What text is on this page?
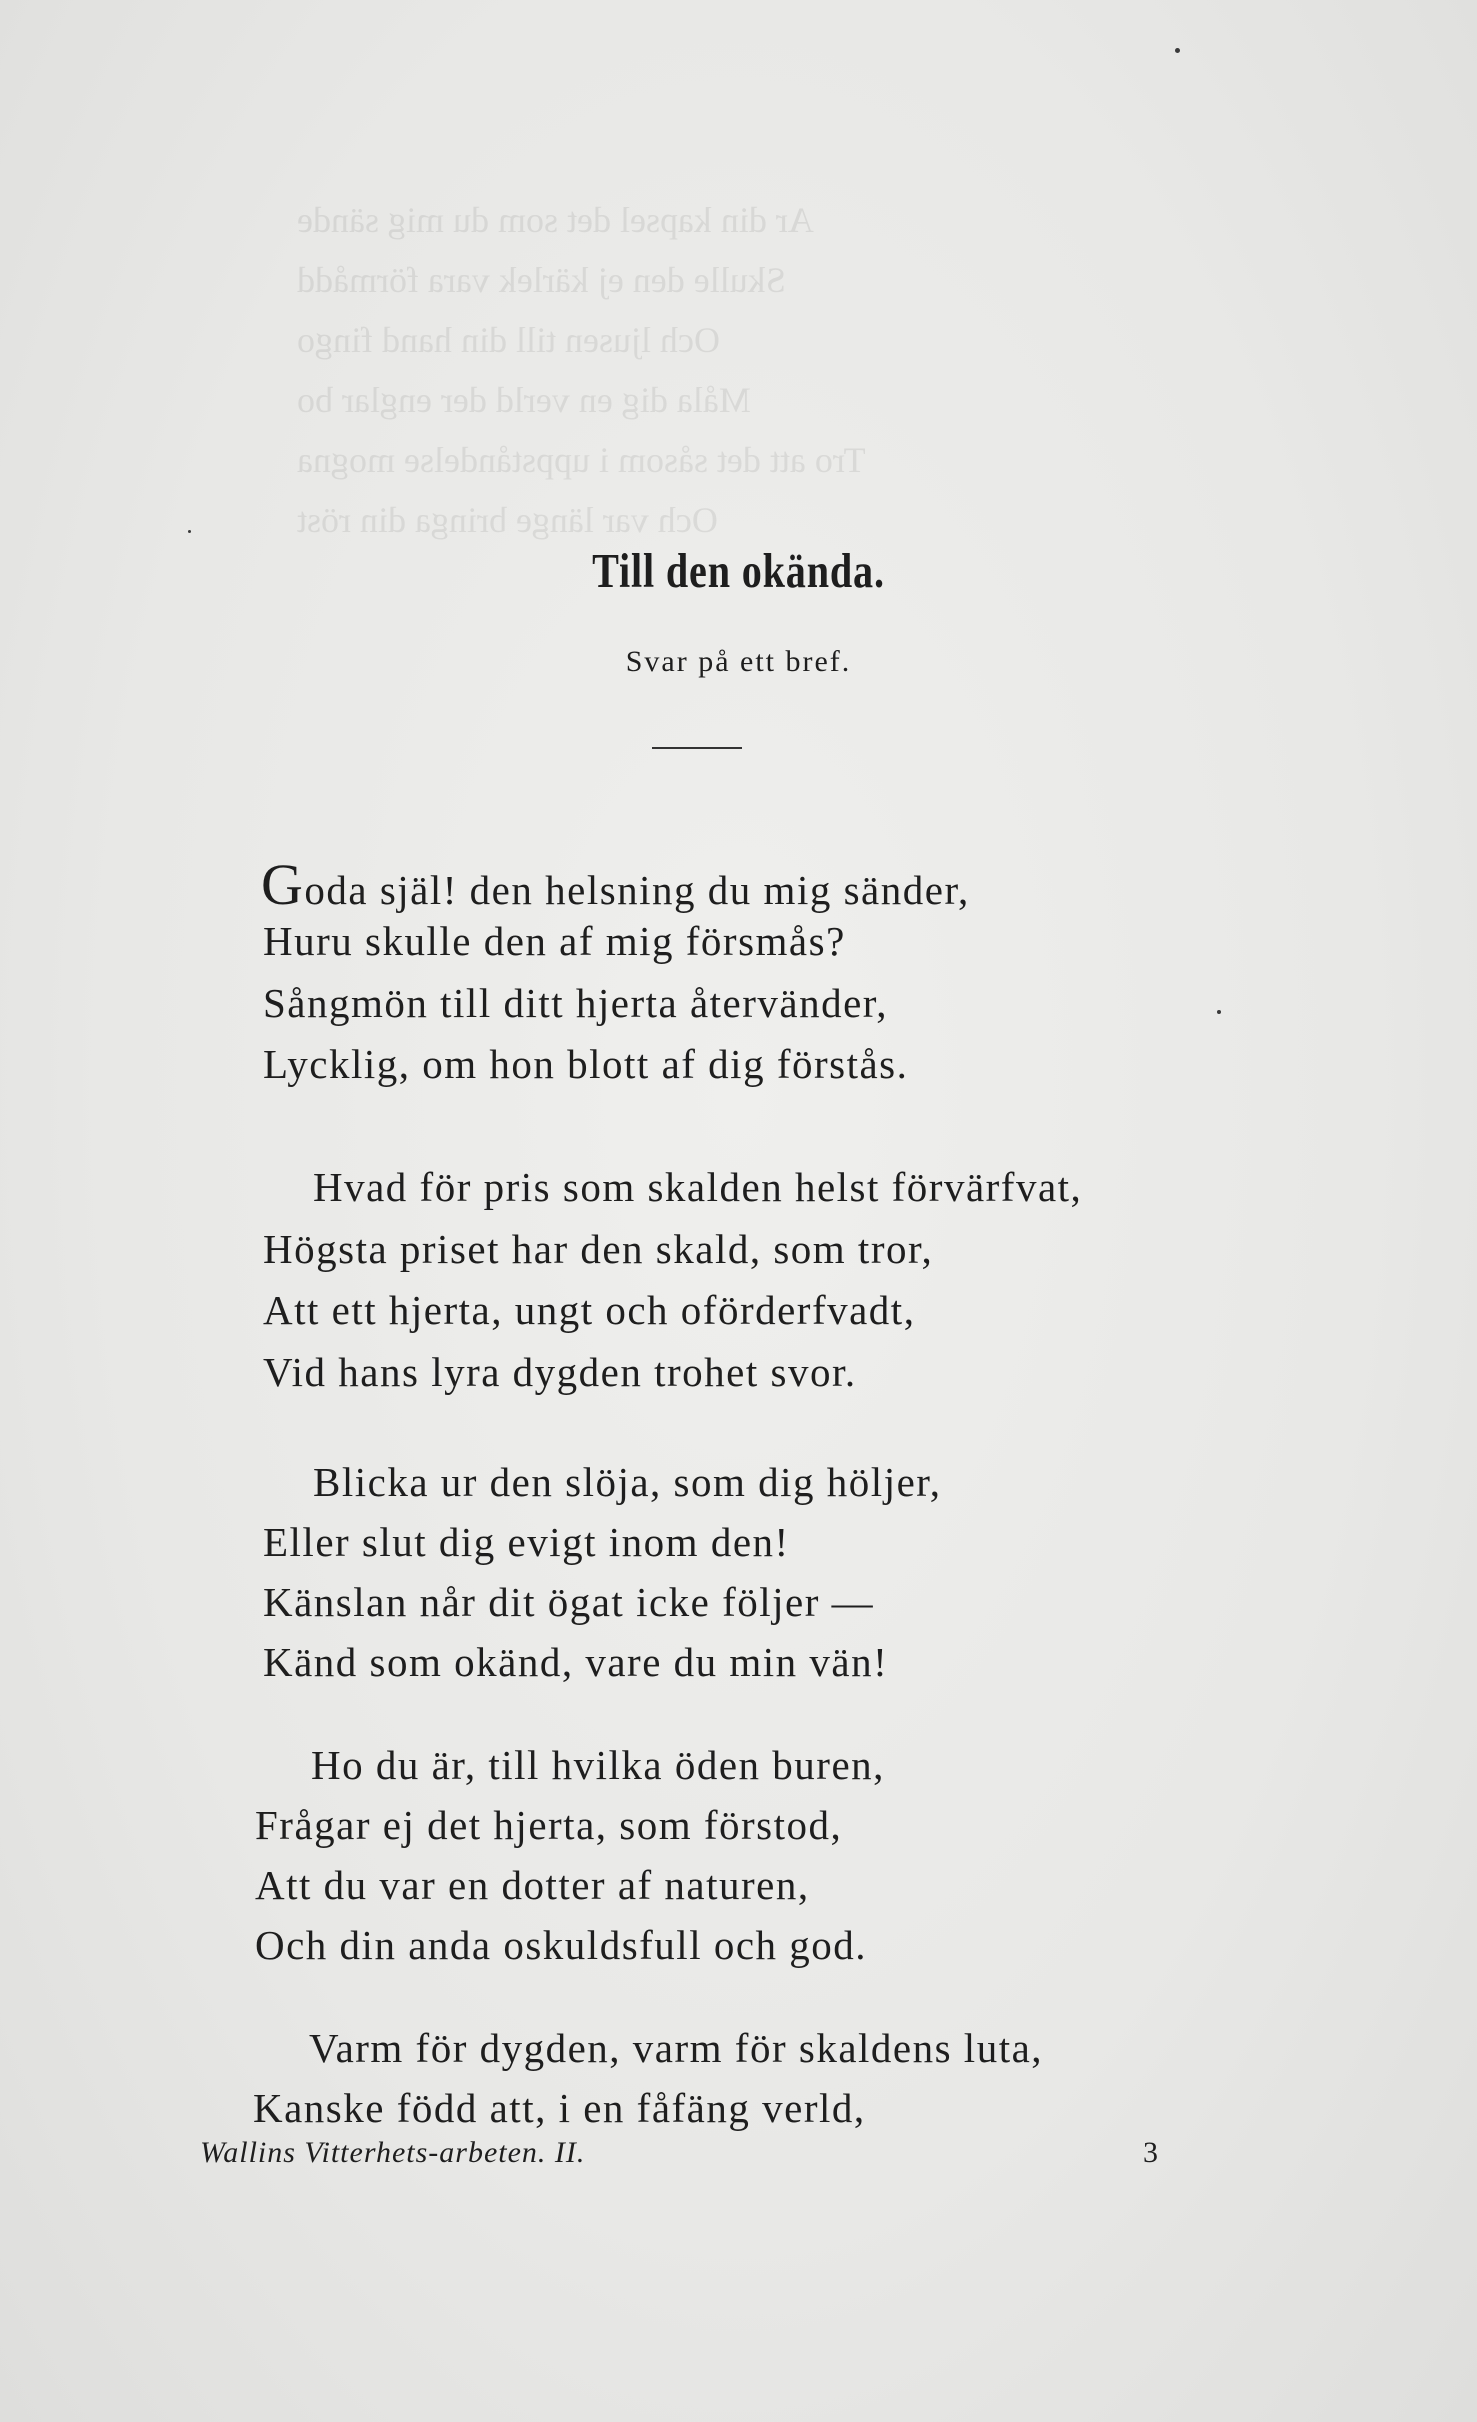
Ar din kapsel det som du mig sände
Skulle den ej kärlek vara förmådd
Och ljusen till din hand fingo
Måla dig en verld der englar bo
Tro att det såsom i uppståndelse mogna
Och var länge bringa din röst
Till den okända.
Svar på ett bref.
Goda själ! den helsning du mig sänder,
Huru skulle den af mig försmås?
Sångmön till ditt hjerta återvänder,
Lycklig, om hon blott af dig förstås.
Hvad för pris som skalden helst förvärfvat,
Högsta priset har den skald, som tror,
Att ett hjerta, ungt och oförderfvadt,
Vid hans lyra dygden trohet svor.
Blicka ur den slöja, som dig höljer,
Eller slut dig evigt inom den!
Känslan når dit ögat icke följer —
Känd som okänd, vare du min vän!
Ho du är, till hvilka öden buren,
Frågar ej det hjerta, som förstod,
Att du var en dotter af naturen,
Och din anda oskuldsfull och god.
Varm för dygden, varm för skaldens luta,
Kanske född att, i en fåfäng verld,
Wallins Vitterhets-arbeten. II.	3
